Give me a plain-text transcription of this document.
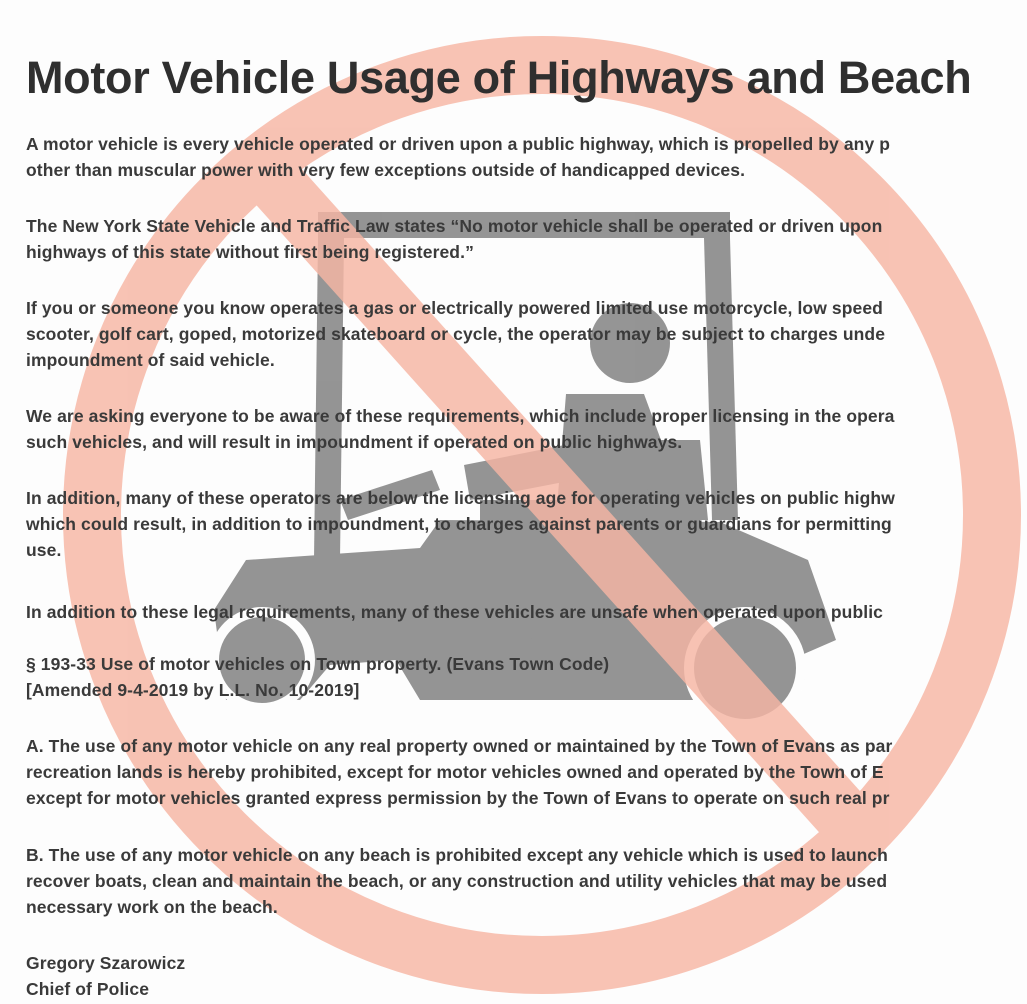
Motor Vehicle Usage of Highways and Beach
A motor vehicle is every vehicle operated or driven upon a public highway, which is propelled by any p
other than muscular power with very few exceptions outside of handicapped devices.
The New York State Vehicle and Traffic Law states “No motor vehicle shall be operated or driven upon
highways of this state without first being registered.”
If you or someone you know operates a gas or electrically powered limited use motorcycle, low speed
scooter, golf cart, goped, motorized skateboard or cycle, the operator may be subject to charges unde
impoundment of said vehicle.
We are asking everyone to be aware of these requirements, which include proper licensing in the opera
such vehicles, and will result in impoundment if operated on public highways.
In addition, many of these operators are below the licensing age for operating vehicles on public highw
which could result, in addition to impoundment, to charges against parents or guardians for permitting
use.
In addition to these legal requirements, many of these vehicles are unsafe when operated upon public
§ 193-33 Use of motor vehicles on Town property. (Evans Town Code)
[Amended 9-4-2019 by L.L. No. 10-2019]
A. The use of any motor vehicle on any real property owned or maintained by the Town of Evans as par
recreation lands is hereby prohibited, except for motor vehicles owned and operated by the Town of E
except for motor vehicles granted express permission by the Town of Evans to operate on such real pr
B. The use of any motor vehicle on any beach is prohibited except any vehicle which is used to launch
recover boats, clean and maintain the beach, or any construction and utility vehicles that may be used
necessary work on the beach.
Gregory Szarowicz
Chief of Police
